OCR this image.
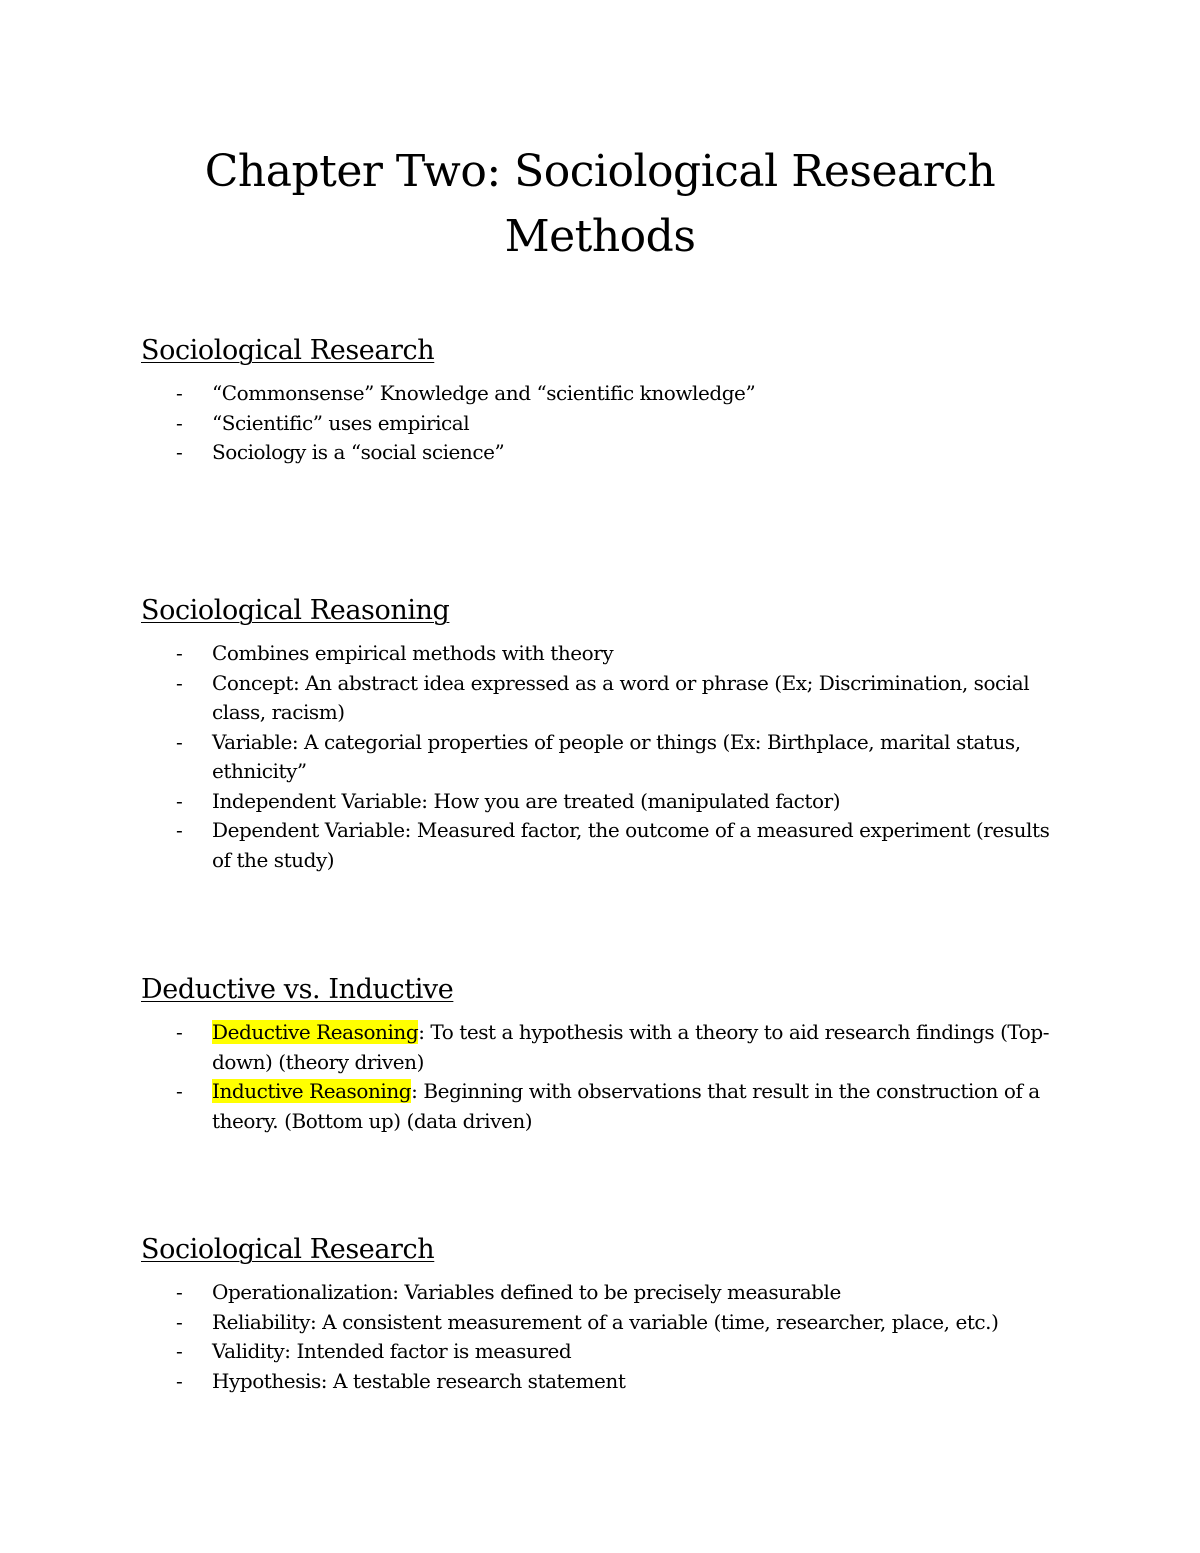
Chapter Two: Sociological Research
Methods
Sociological Research
- “Commonsense” Knowledge and “scientific knowledge”
- “Scientific” uses empirical
- Sociology is a “social science”
Sociological Reasoning
- Combines empirical methods with theory
- Concept: An abstract idea expressed as a word or phrase (Ex; Discrimination, social class, racism)
- Variable: A categorial properties of people or things (Ex: Birthplace, marital status, ethnicity”
- Independent Variable: How you are treated (manipulated factor)
- Dependent Variable: Measured factor, the outcome of a measured experiment (results of the study)
Deductive vs. Inductive
- Deductive Reasoning: To test a hypothesis with a theory to aid research findings (Top-down) (theory driven)
- Inductive Reasoning: Beginning with observations that result in the construction of a theory. (Bottom up) (data driven)
Sociological Research
- Operationalization: Variables defined to be precisely measurable
- Reliability: A consistent measurement of a variable (time, researcher, place, etc.)
- Validity: Intended factor is measured
- Hypothesis: A testable research statement
